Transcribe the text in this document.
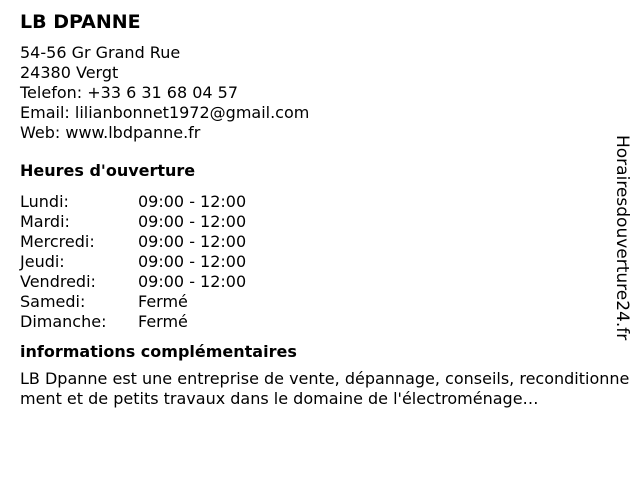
LB DPANNE
54-56 Gr Grand Rue
24380 Vergt
Telefon: +33 6 31 68 04 57
Email: lilianbonnet1972@gmail.com
Web: www.lbdpanne.fr
Heures d'ouverture
Lundi:	09:00 - 12:00
Mardi:	09:00 - 12:00
Mercredi:	09:00 - 12:00
Jeudi:	09:00 - 12:00
Vendredi:	09:00 - 12:00
Samedi:	Fermé
Dimanche:	Fermé
informations complémentaires
LB Dpanne est une entreprise de vente, dépannage, conseils, reconditionnement et de petits travaux dans le domaine de l'électroménage…
Horairesdouverture24.fr
